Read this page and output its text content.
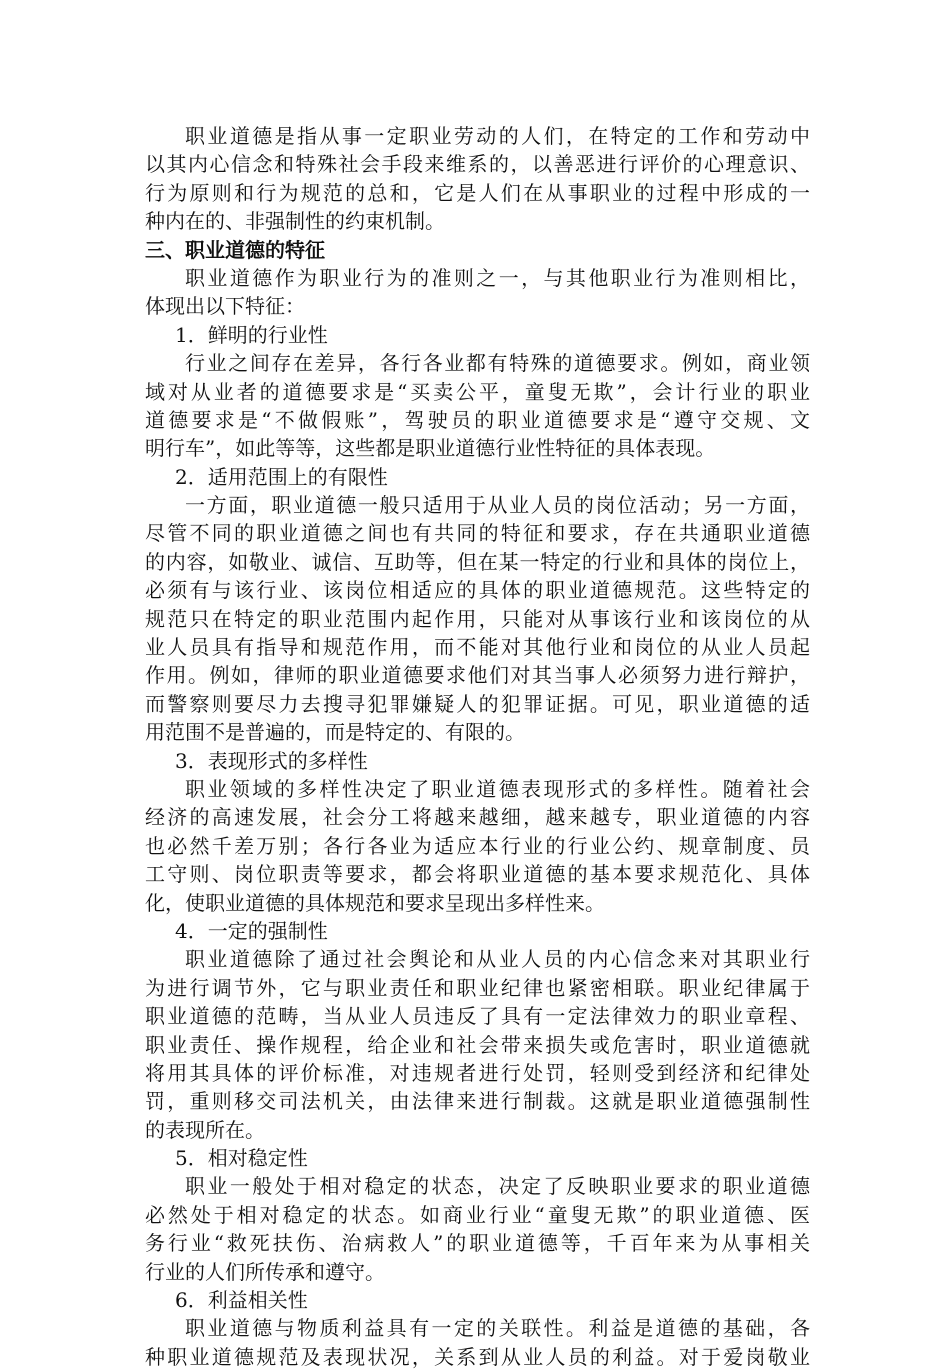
职业道德是指从事一定职业劳动的人们，在特定的工作和劳动中
以其内心信念和特殊社会手段来维系的，以善恶进行评价的心理意识、
行为原则和行为规范的总和，它是人们在从事职业的过程中形成的一
种内在的、非强制性的约束机制。
三、职业道德的特征
职业道德作为职业行为的准则之一，与其他职业行为准则相比，
体现出以下特征：
1．鲜明的行业性
行业之间存在差异，各行各业都有特殊的道德要求。例如，商业领
域对从业者的道德要求是“买卖公平，童叟无欺”，会计行业的职业
道德要求是“不做假账”，驾驶员的职业道德要求是“遵守交规、文
明行车”，如此等等，这些都是职业道德行业性特征的具体表现。
2．适用范围上的有限性
一方面，职业道德一般只适用于从业人员的岗位活动；另一方面，
尽管不同的职业道德之间也有共同的特征和要求，存在共通职业道德
的内容，如敬业、诚信、互助等，但在某一特定的行业和具体的岗位上，
必须有与该行业、该岗位相适应的具体的职业道德规范。这些特定的
规范只在特定的职业范围内起作用，只能对从事该行业和该岗位的从
业人员具有指导和规范作用，而不能对其他行业和岗位的从业人员起
作用。例如，律师的职业道德要求他们对其当事人必须努力进行辩护，
而警察则要尽力去搜寻犯罪嫌疑人的犯罪证据。可见，职业道德的适
用范围不是普遍的，而是特定的、有限的。
3．表现形式的多样性
职业领域的多样性决定了职业道德表现形式的多样性。随着社会
经济的高速发展，社会分工将越来越细，越来越专，职业道德的内容
也必然千差万别；各行各业为适应本行业的行业公约、规章制度、员
工守则、岗位职责等要求，都会将职业道德的基本要求规范化、具体
化，使职业道德的具体规范和要求呈现出多样性来。
4．一定的强制性
职业道德除了通过社会舆论和从业人员的内心信念来对其职业行
为进行调节外，它与职业责任和职业纪律也紧密相联。职业纪律属于
职业道德的范畴，当从业人员违反了具有一定法律效力的职业章程、
职业责任、操作规程，给企业和社会带来损失或危害时，职业道德就
将用其具体的评价标准，对违规者进行处罚，轻则受到经济和纪律处
罚，重则移交司法机关，由法律来进行制裁。这就是职业道德强制性
的表现所在。
5．相对稳定性
职业一般处于相对稳定的状态，决定了反映职业要求的职业道德
必然处于相对稳定的状态。如商业行业“童叟无欺”的职业道德、医
务行业“救死扶伤、治病救人”的职业道德等，千百年来为从事相关
行业的人们所传承和遵守。
6．利益相关性
职业道德与物质利益具有一定的关联性。利益是道德的基础，各
种职业道德规范及表现状况，关系到从业人员的利益。对于爱岗敬业
